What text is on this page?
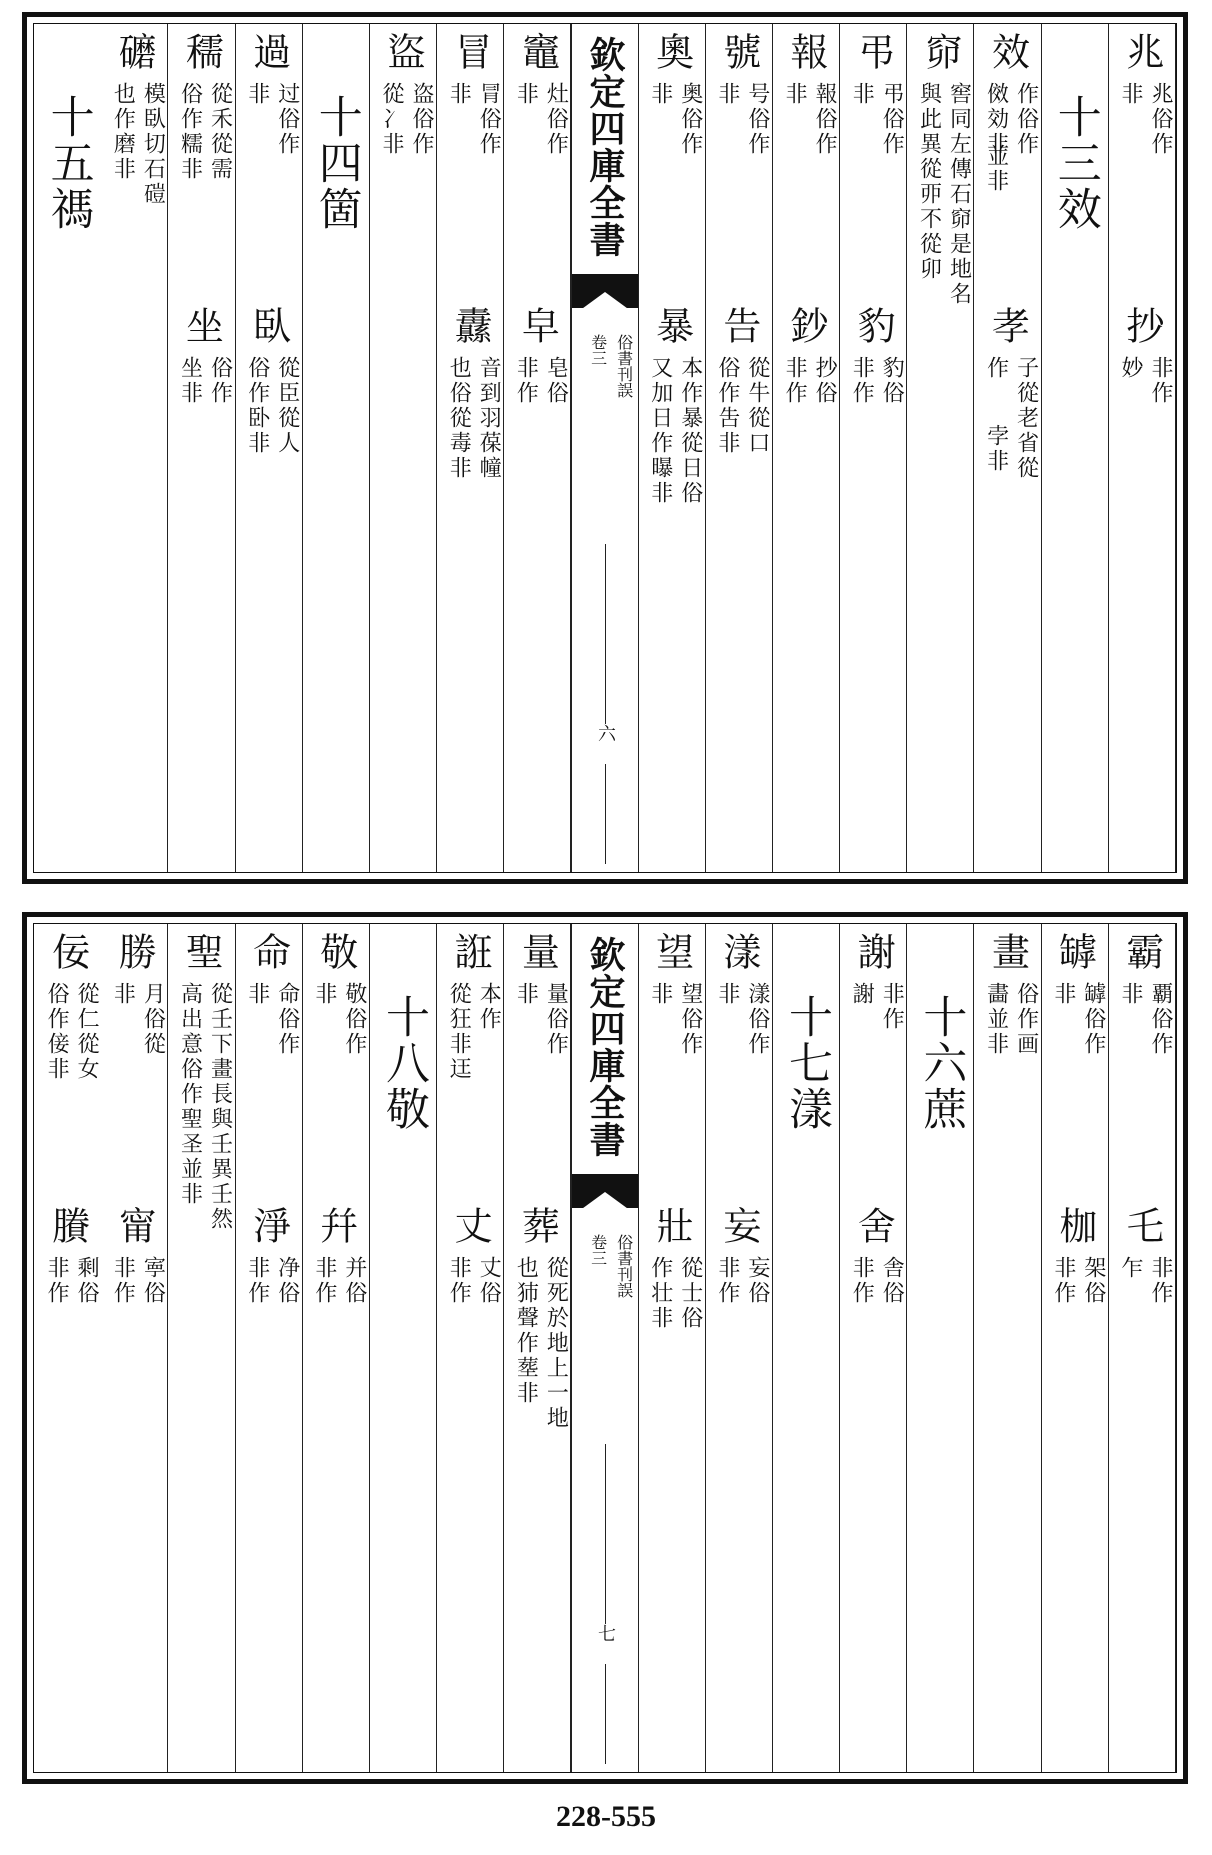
兆
兆俗作
非
抄
非作
妙
十三效
效
作俗作
傚効非
並非
孝
子從老省從
作
孛非
窌
窖同左傳石窌是地名
與此異從丣不從卯
弔
弔俗作
非
豹
豹俗
非作
報
報俗作
非
鈔
抄俗
非作
號
号俗作
非
告
從牛從口
俗作吿非
奧
奥俗作
非
暴
本作暴從日俗
又加日作曝非
欽定四庫全書
俗書刊誤
卷三
六
竈
灶俗作
非
皁
皂俗
非作
冒
冐俗作
非
纛
音到羽葆幢
也俗從毒非
盜
盗俗作
從冫非
十四箇
過
过俗作
非
臥
從臣從人
俗作卧非
穤
從禾從需
俗作糯非
坐
俗作
坐非
礳
模臥切石磑
也作磨非
十五禡
霸
覇俗作
非
乇
非作
乍
罅
罅俗作
非
枷
架俗
非作
畫
俗作画
畵並非
十六蔗
謝
非作
謝
舍
舎俗
非作
十七漾
漾
漾俗作
非
妄
妄俗
非作
望
望俗作
非
壯
從士俗
作壮非
欽定四庫全書
俗書刊誤
卷三
七
量
量俗作
非
葬
從死於地上一地
也犻聲作塟非
誑
本作
從狂非迋
丈
丈俗
非作
十八敬
敬
敬俗作
非
幷
并俗
非作
命
命俗作
非
淨
净俗
非作
聖
從壬下畫長與壬異壬然
高出意俗作聖圣並非
勝
月俗從
非
甯
寕俗
非作
佞
從仁從女
俗作倿非
賸
剩俗
非作
228-555
